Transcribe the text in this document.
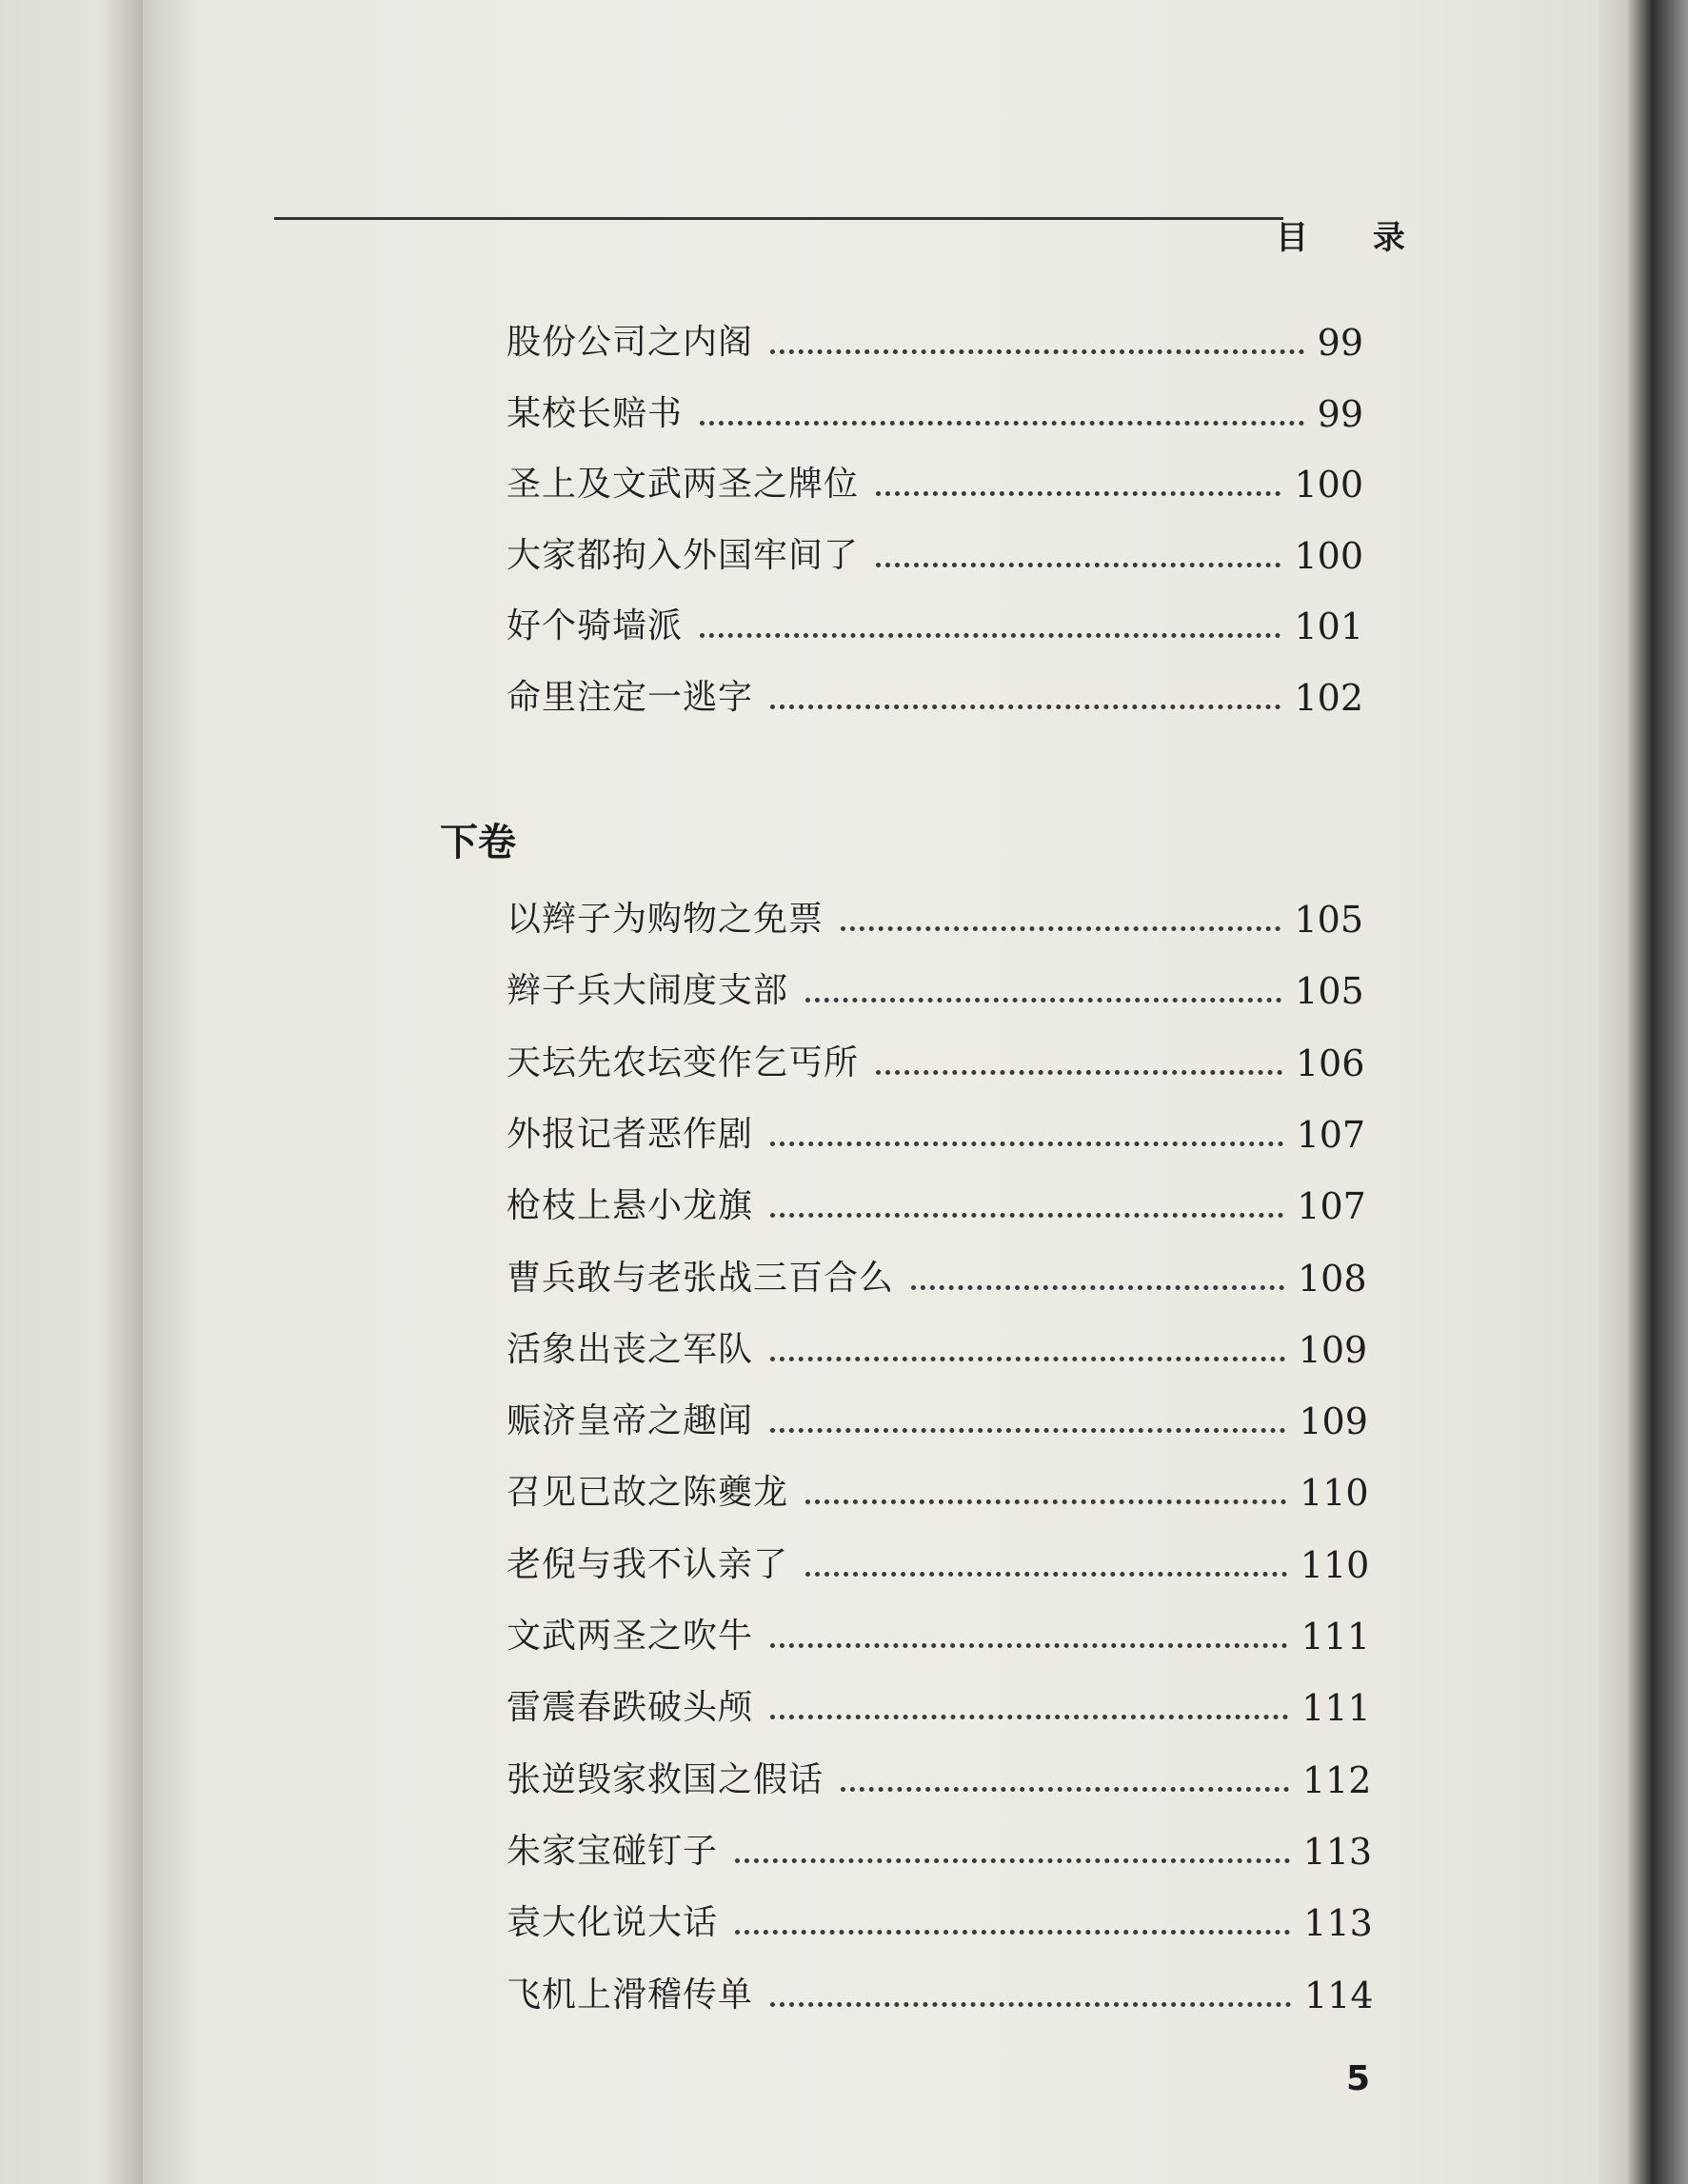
目 录
股份公司之内阁	99
某校长赔书	99
圣上及文武两圣之牌位	100
大家都拘入外国牢间了	100
好个骑墙派	101
命里注定一逃字	102
下卷
以辫子为购物之免票	105
辫子兵大闹度支部	105
天坛先农坛变作乞丐所	106
外报记者恶作剧	107
枪枝上悬小龙旗	107
曹兵敢与老张战三百合么	108
活象出丧之军队	109
赈济皇帝之趣闻	109
召见已故之陈夔龙	110
老倪与我不认亲了	110
文武两圣之吹牛	111
雷震春跌破头颅	111
张逆毁家救国之假话	112
朱家宝碰钉子	113
袁大化说大话	113
飞机上滑稽传单	114
5
